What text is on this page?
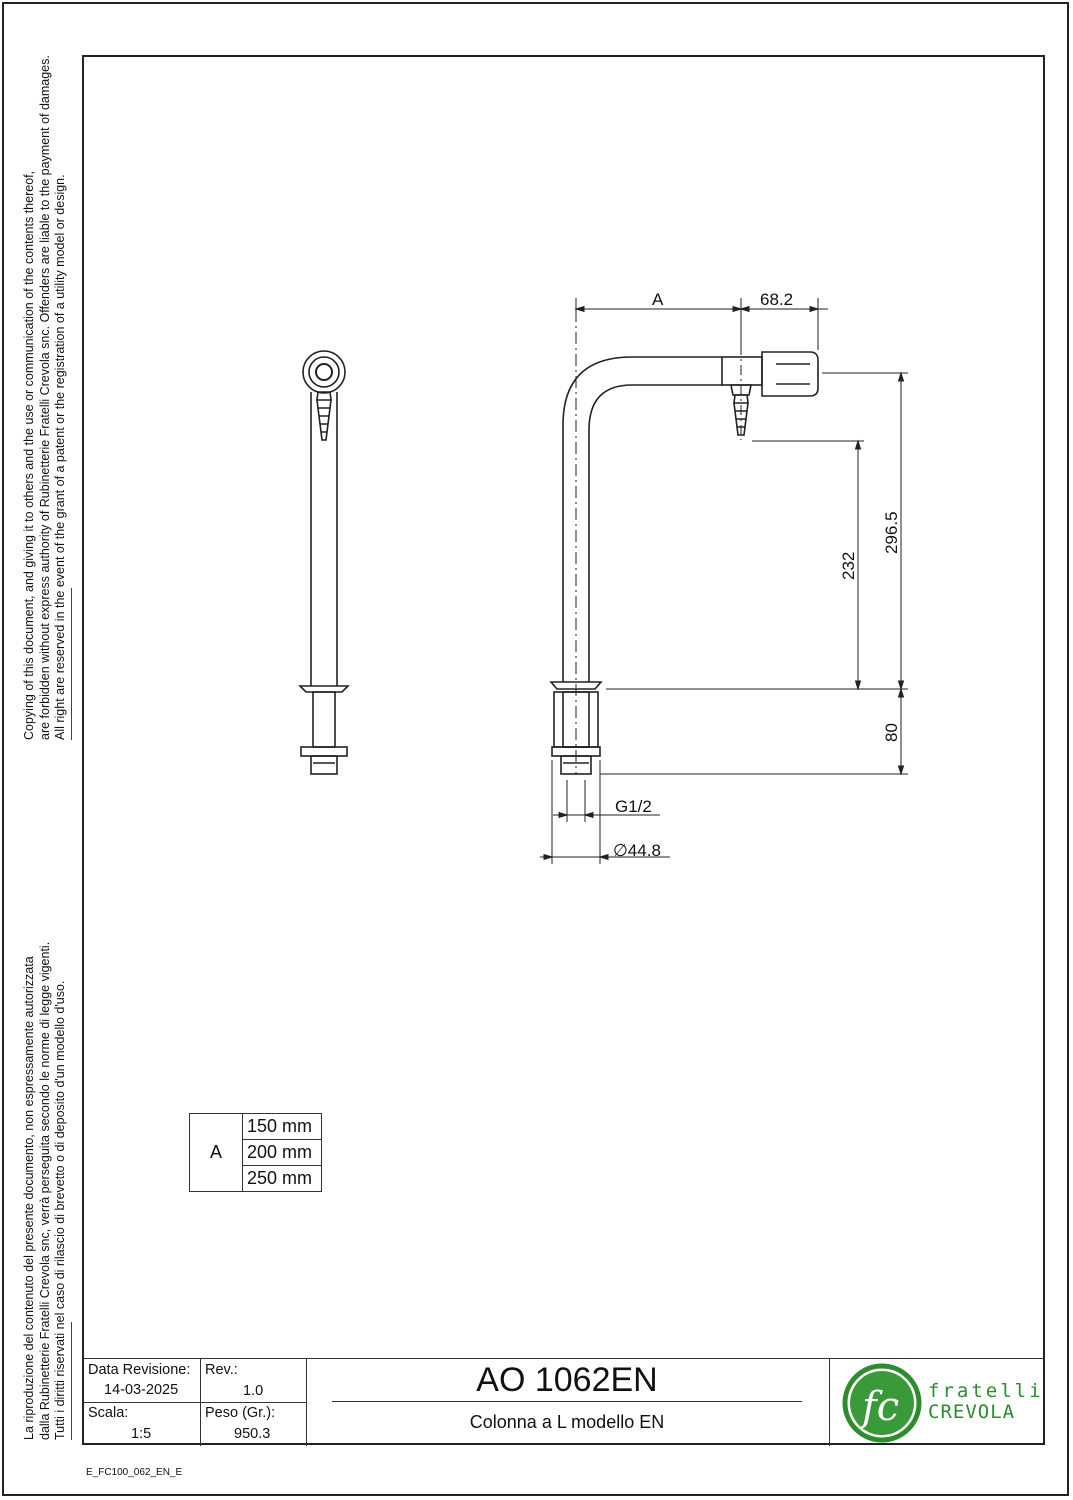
Copying of this document, and giving it to others and the use or communication of the contents thereof, are forbidden without express authority of Rubinetterie Fratelli Crevola snc. Offenders are liable to the payment of damages. All right are reserved in the event of the grant of a patent or the registration of a utility model or design.
La riproduzione del contenuto del presente documento, non espressamente autorizzata dalla Rubinetterie Fratelli Crevola snc, verrà perseguita secondo le norme di legge vigenti. Tutti i diritti riservati nel caso di rilascio di brevetto o di deposito d'un modello d'uso.
A	68.2
232
296.5
80
G1/2
∅44.8
A	150 mm
200 mm
250 mm
Data Revisione:
14-03-2025
Rev.:
1.0
Scala:
1:5
Peso (Gr.):
950.3
AO 1062EN
Colonna a L modello EN	fc fratelli
CREVOLA
E_FC100_062_EN_E
